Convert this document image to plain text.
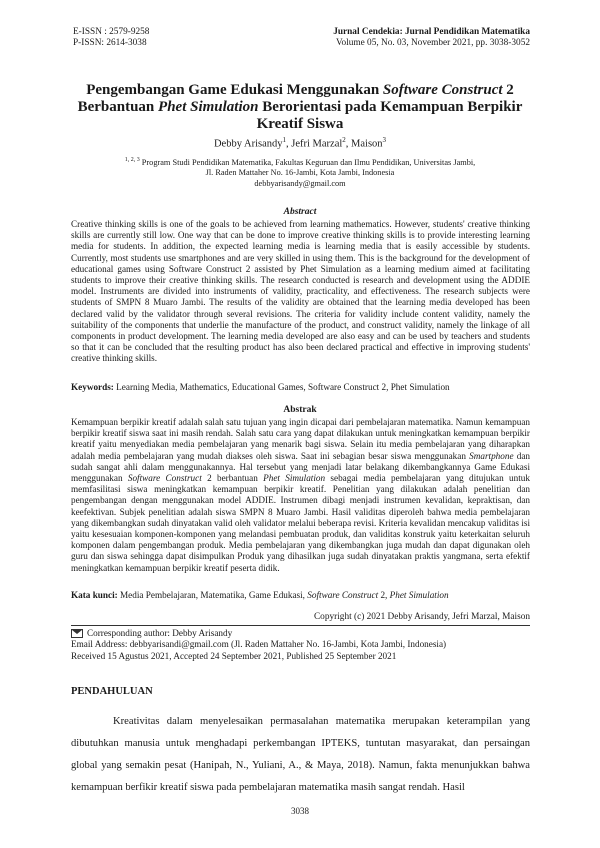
E-ISSN : 2579-9258
P-ISSN: 2614-3038
Jurnal Cendekia: Jurnal Pendidikan Matematika
Volume 05, No. 03, November 2021, pp. 3038-3052
Pengembangan Game Edukasi Menggunakan Software Construct 2 Berbantuan Phet Simulation Berorientasi pada Kemampuan Berpikir Kreatif Siswa
Debby Arisandy$^1$, Jefri Marzal$^2$, Maison$^3$
$^{1, 2, 3}$ Program Studi Pendidikan Matematika, Fakultas Keguruan dan Ilmu Pendidikan, Universitas Jambi,
Jl. Raden Mattaher No. 16-Jambi, Kota Jambi, Indonesia
debbyarisandy@gmail.com
Abstract
Creative thinking skills is one of the goals to be achieved from learning mathematics. However, students' creative thinking skills are currently still low. One way that can be done to improve creative thinking skills is to provide interesting learning media for students. In addition, the expected learning media is learning media that is easily accessible by students. Currently, most students use smartphones and are very skilled in using them. This is the background for the development of educational games using Software Construct 2 assisted by Phet Simulation as a learning medium aimed at facilitating students to improve their creative thinking skills. The research conducted is research and development using the ADDIE model. Instruments are divided into instruments of validity, practicality, and effectiveness. The research subjects were students of SMPN 8 Muaro Jambi. The results of the validity are obtained that the learning media developed has been declared valid by the validator through several revisions. The criteria for validity include content validity, namely the suitability of the components that underlie the manufacture of the product, and construct validity, namely the linkage of all components in product development. The learning media developed are also easy and can be used by teachers and students so that it can be concluded that the resulting product has also been declared practical and effective in improving students' creative thinking skills.
Keywords: Learning Media, Mathematics, Educational Games, Software Construct 2, Phet Simulation
Abstrak
Kemampuan berpikir kreatif adalah salah satu tujuan yang ingin dicapai dari pembelajaran matematika. Namun kemampuan berpikir kreatif siswa saat ini masih rendah. Salah satu cara yang dapat dilakukan untuk meningkatkan kemampuan berpikir kreatif yaitu menyediakan media pembelajaran yang menarik bagi siswa. Selain itu media pembelajaran yang diharapkan adalah media pembelajaran yang mudah diakses oleh siswa. Saat ini sebagian besar siswa menggunakan Smartphone dan sudah sangat ahli dalam menggunakannya. Hal tersebut yang menjadi latar belakang dikembangkannya Game Edukasi menggunakan Software Construct 2 berbantuan Phet Simulation sebagai media pembelajaran yang ditujukan untuk memfasilitasi siswa meningkatkan kemampuan berpikir kreatif. Penelitian yang dilakukan adalah penelitian dan pengembangan dengan menggunakan model ADDIE. Instrumen dibagi menjadi instrumen kevalidan, kepraktisan, dan keefektivan. Subjek penelitian adalah siswa SMPN 8 Muaro Jambi. Hasil validitas diperoleh bahwa media pembelajaran yang dikembangkan sudah dinyatakan valid oleh validator melalui beberapa revisi. Kriteria kevalidan mencakup validitas isi yaitu kesesuaian komponen-komponen yang melandasi pembuatan produk, dan validitas konstruk yaitu keterkaitan seluruh komponen dalam pengembangan produk. Media pembelajaran yang dikembangkan juga mudah dan dapat digunakan oleh guru dan siswa sehingga dapat disimpulkan Produk yang dihasilkan juga sudah dinyatakan praktis yangmana, serta efektif meningkatkan kemampuan berpikir kreatif peserta didik.
Kata kunci: Media Pembelajaran, Matematika, Game Edukasi, Software Construct 2, Phet Simulation
Copyright (c) 2021 Debby Arisandy, Jefri Marzal, Maison
Corresponding author: Debby Arisandy
Email Address: debbyarisandi@gmail.com (Jl. Raden Mattaher No. 16-Jambi, Kota Jambi, Indonesia)
Received 15 Agustus 2021, Accepted 24 September 2021, Published 25 September 2021
PENDAHULUAN
Kreativitas dalam menyelesaikan permasalahan matematika merupakan keterampilan yang dibutuhkan manusia untuk menghadapi perkembangan IPTEKS, tuntutan masyarakat, dan persaingan global yang semakin pesat (Hanipah, N., Yuliani, A., & Maya, 2018). Namun, fakta menunjukkan bahwa kemampuan berfikir kreatif siswa pada pembelajaran matematika masih sangat rendah. Hasil
3038
